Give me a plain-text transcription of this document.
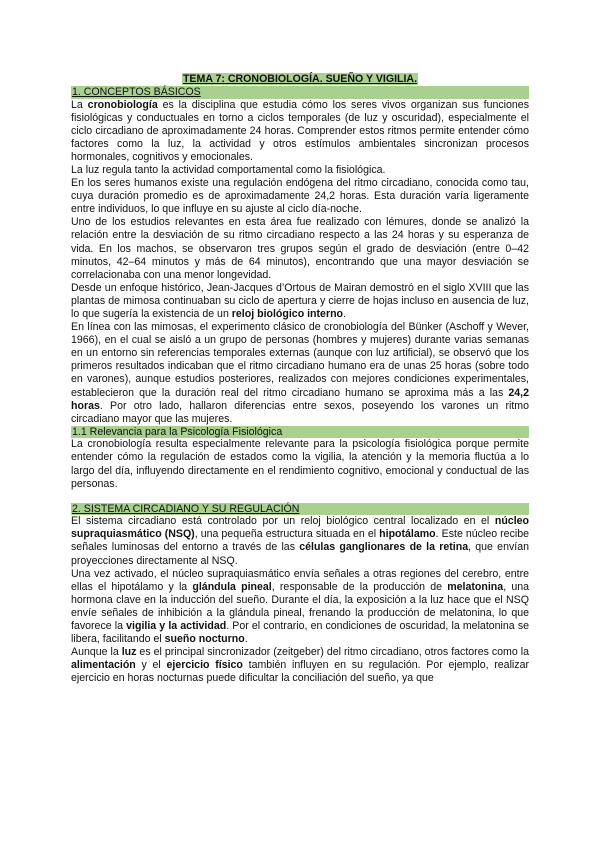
TEMA 7: CRONOBIOLOGÍA. SUEÑO Y VIGILIA.
1. CONCEPTOS BÁSICOS

La cronobiología es la disciplina que estudia cómo los seres vivos organizan sus funciones fisiológicas y conductuales en torno a ciclos temporales (de luz y oscuridad), especialmente el ciclo circadiano de aproximadamente 24 horas. Comprender estos ritmos permite entender cómo factores como la luz, la actividad y otros estímulos ambientales sincronizan procesos hormonales, cognitivos y emocionales.

La luz regula tanto la actividad comportamental como la fisiológica.

En los seres humanos existe una regulación endógena del ritmo circadiano, conocida como tau, cuya duración promedio es de aproximadamente 24,2 horas. Esta duración varía ligeramente entre individuos, lo que influye en su ajuste al ciclo día-noche.

Uno de los estudios relevantes en esta área fue realizado con lémures, donde se analizó la relación entre la desviación de su ritmo circadiano respecto a las 24 horas y su esperanza de vida. En los machos, se observaron tres grupos según el grado de desviación (entre 0–42 minutos, 42–64 minutos y más de 64 minutos), encontrando que una mayor desviación se correlacionaba con una menor longevidad.

Desde un enfoque histórico, Jean-Jacques d’Ortous de Mairan demostró en el siglo XVIII que las plantas de mimosa continuaban su ciclo de apertura y cierre de hojas incluso en ausencia de luz, lo que sugería la existencia de un reloj biológico interno.

En línea con las mimosas, el experimento clásico de cronobiología del Bünker (Aschoff y Wever, 1966), en el cual se aisló a un grupo de personas (hombres y mujeres) durante varias semanas en un entorno sin referencias temporales externas (aunque con luz artificial), se observó que los primeros resultados indicaban que el ritmo circadiano humano era de unas 25 horas (sobre todo en varones), aunque estudios posteriores, realizados con mejores condiciones experimentales, establecieron que la duración real del ritmo circadiano humano se aproxima más a las 24,2 horas. Por otro lado, hallaron diferencias entre sexos, poseyendo los varones un ritmo circadiano mayor que las mujeres.

1.1 Relevancia para la Psicología Fisiológica

La cronobiología resulta especialmente relevante para la psicología fisiológica porque permite entender cómo la regulación de estados como la vigilia, la atención y la memoria fluctúa a lo largo del día, influyendo directamente en el rendimiento cognitivo, emocional y conductual de las personas.

2. SISTEMA CIRCADIANO Y SU REGULACIÓN

El sistema circadiano está controlado por un reloj biológico central localizado en el núcleo supraquiasmático (NSQ), una pequeña estructura situada en el hipotálamo. Este núcleo recibe señales luminosas del entorno a través de las células ganglionares de la retina, que envían proyecciones directamente al NSQ.

Una vez activado, el núcleo supraquiasmático envía señales a otras regiones del cerebro, entre ellas el hipotálamo y la glándula pineal, responsable de la producción de melatonina, una hormona clave en la inducción del sueño. Durante el día, la exposición a la luz hace que el NSQ envíe señales de inhibición a la glándula pineal, frenando la producción de melatonina, lo que favorece la vigilia y la actividad. Por el contrario, en condiciones de oscuridad, la melatonina se libera, facilitando el sueño nocturno.

Aunque la luz es el principal sincronizador (zeitgeber) del ritmo circadiano, otros factores como la alimentación y el ejercicio físico también influyen en su regulación. Por ejemplo, realizar ejercicio en horas nocturnas puede dificultar la conciliación del sueño, ya que
